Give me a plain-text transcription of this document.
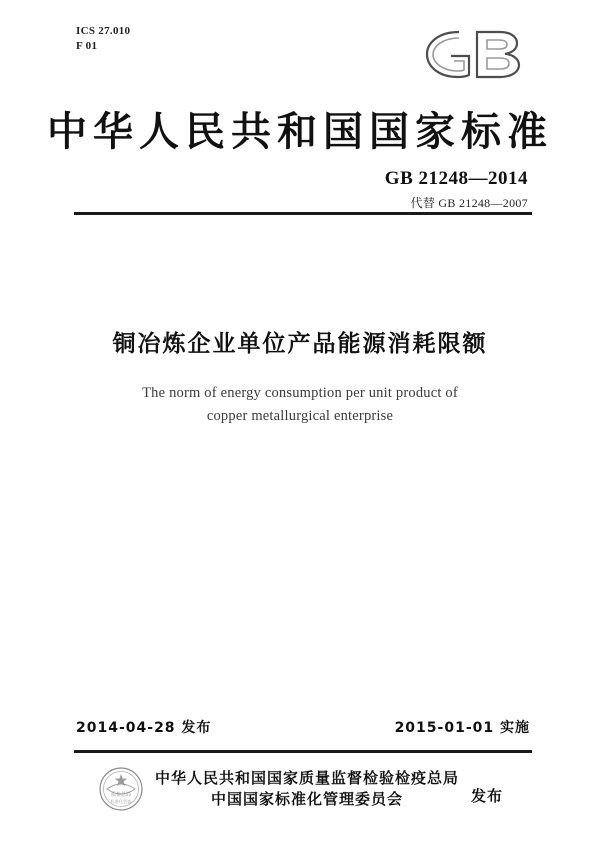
ICS 27.010
F 01
中华人民共和国国家标准
GB 21248—2014
代替 GB 21248—2007
铜冶炼企业单位产品能源消耗限额
The norm of energy consumption per unit product of
copper metallurgical enterprise
2014-04-28 发布	2015-01-01 实施
质检总局
标准化管委
中华人民共和国国家质量监督检验检疫总局
中国国家标准化管理委员会	发布
